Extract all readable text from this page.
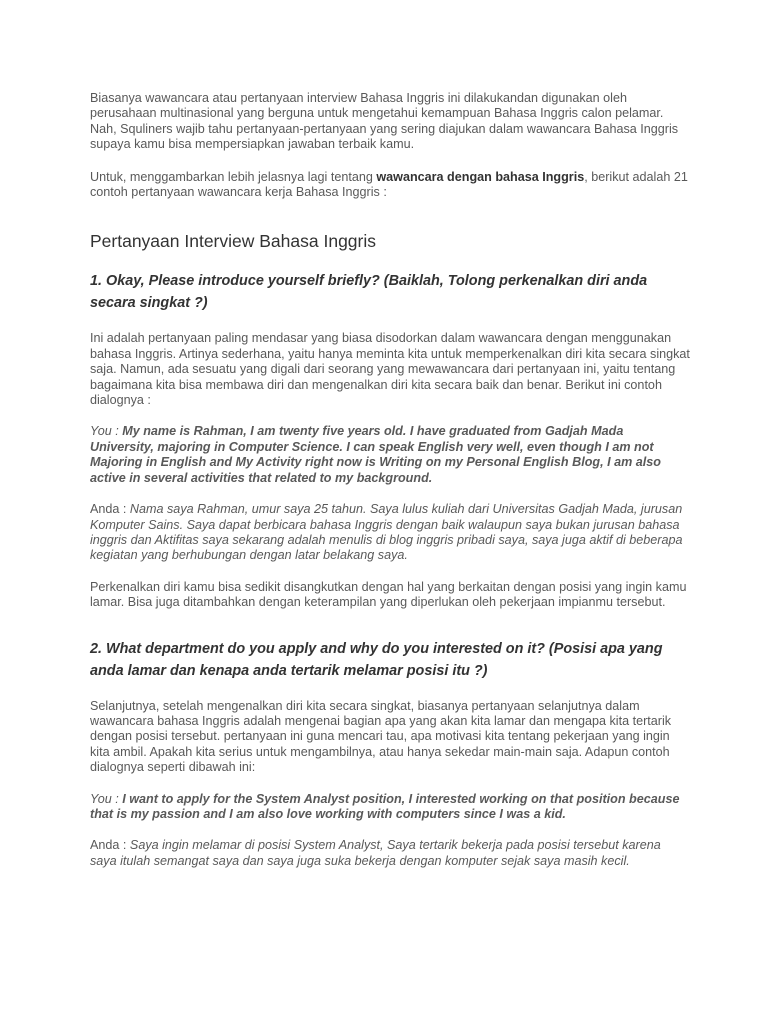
Biasanya wawancara atau pertanyaan interview Bahasa Inggris ini dilakukandan digunakan oleh perusahaan multinasional yang berguna untuk mengetahui kemampuan Bahasa Inggris calon pelamar. Nah, Squliners wajib tahu pertanyaan-pertanyaan yang sering diajukan dalam wawancara Bahasa Inggris supaya kamu bisa mempersiapkan jawaban terbaik kamu.

Untuk, menggambarkan lebih jelasnya lagi tentang wawancara dengan bahasa Inggris, berikut adalah 21 contoh pertanyaan wawancara kerja Bahasa Inggris :

Pertanyaan Interview Bahasa Inggris
1. Okay, Please introduce yourself briefly? (Baiklah, Tolong perkenalkan diri anda secara singkat ?)

Ini adalah pertanyaan paling mendasar yang biasa disodorkan dalam wawancara dengan menggunakan bahasa Inggris. Artinya sederhana, yaitu hanya meminta kita untuk memperkenalkan diri kita secara singkat saja. Namun, ada sesuatu yang digali dari seorang yang mewawancara dari pertanyaan ini, yaitu tentang bagaimana kita bisa membawa diri dan mengenalkan diri kita secara baik dan benar. Berikut ini contoh dialognya :

You : My name is Rahman, I am twenty five years old. I have graduated from Gadjah Mada University, majoring in Computer Science. I can speak English very well, even though I am not Majoring in English and My Activity right now is Writing on my Personal English Blog, I am also active in several activities that related to my background.

Anda : Nama saya Rahman, umur saya 25 tahun. Saya lulus kuliah dari Universitas Gadjah Mada, jurusan Komputer Sains. Saya dapat berbicara bahasa Inggris dengan baik walaupun saya bukan jurusan bahasa inggris dan Aktifitas saya sekarang adalah menulis di blog inggris pribadi saya, saya juga aktif di beberapa kegiatan yang berhubungan dengan latar belakang saya.

Perkenalkan diri kamu bisa sedikit disangkutkan dengan hal yang berkaitan dengan posisi yang ingin kamu lamar. Bisa juga ditambahkan dengan keterampilan yang diperlukan oleh pekerjaan impianmu tersebut.

2. What department do you apply and why do you interested on it? (Posisi apa yang anda lamar dan kenapa anda tertarik melamar posisi itu ?)

Selanjutnya, setelah mengenalkan diri kita secara singkat, biasanya pertanyaan selanjutnya dalam wawancara bahasa Inggris adalah mengenai bagian apa yang akan kita lamar dan mengapa kita tertarik dengan posisi tersebut. pertanyaan ini guna mencari tau, apa motivasi kita tentang pekerjaan yang ingin kita ambil. Apakah kita serius untuk mengambilnya, atau hanya sekedar main-main saja. Adapun contoh dialognya seperti dibawah ini:

You : I want to apply for the System Analyst position, I interested working on that position because that is my passion and I am also love working with computers since I was a kid.

Anda : Saya ingin melamar di posisi System Analyst, Saya tertarik bekerja pada posisi tersebut karena saya itulah semangat saya dan saya juga suka bekerja dengan komputer sejak saya masih kecil.
